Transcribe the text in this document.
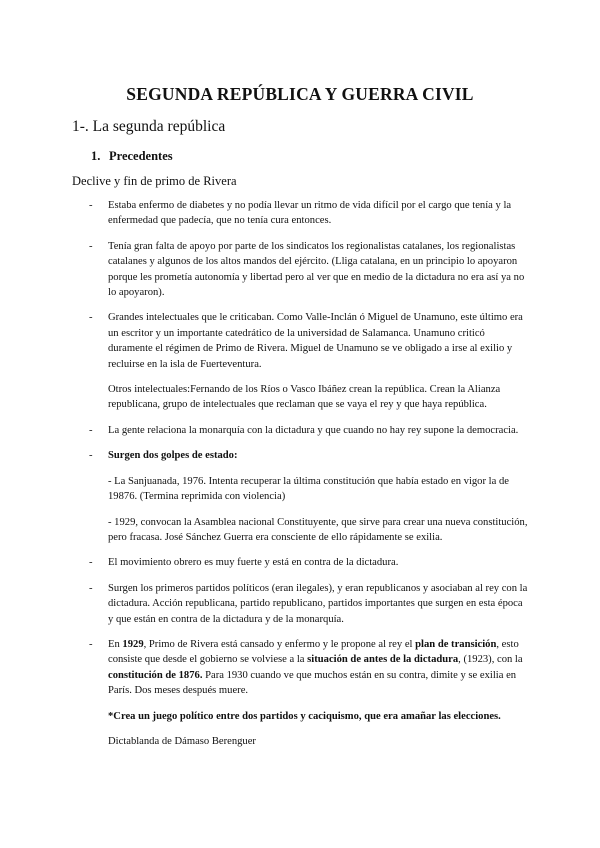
SEGUNDA REPÚBLICA Y GUERRA CIVIL
1-. La segunda república
1. Precedentes
Declive y fin de primo de Rivera
- Estaba enfermo de diabetes y no podía llevar un ritmo de vida difícil por el cargo que tenía y la enfermedad que padecía, que no tenía cura entonces.
- Tenía gran falta de apoyo por parte de los sindicatos los regionalistas catalanes, los regionalistas catalanes y algunos de los altos mandos del ejército. (Lliga catalana, en un principio lo apoyaron porque les prometía autonomía y libertad pero al ver que en medio de la dictadura no era así ya no lo apoyaron).
- Grandes intelectuales que le criticaban. Como Valle-Inclán ó Miguel de Unamuno, este último era un escritor y un importante catedrático de la universidad de Salamanca. Unamuno criticó duramente el régimen de Primo de Rivera. Miguel de Unamuno se ve obligado a irse al exilio y recluirse en la isla de Fuerteventura.
Otros intelectuales:Fernando de los Ríos o Vasco Ibáñez crean la república. Crean la Alianza republicana, grupo de intelectuales que reclaman que se vaya el rey y que haya república.
- La gente relaciona la monarquía con la dictadura y que cuando no hay rey supone la democracia.
- Surgen dos golpes de estado:
- La Sanjuanada, 1976. Intenta recuperar la última constitución que había estado en vigor la de 19876. (Termina reprimida con violencia)
- 1929, convocan la Asamblea nacional Constituyente, que sirve para crear una nueva constitución, pero fracasa. José Sánchez Guerra era consciente de ello rápidamente se exilia.
- El movimiento obrero es muy fuerte y está en contra de la dictadura.
- Surgen los primeros partidos políticos (eran ilegales), y eran republicanos y asociaban al rey con la dictadura. Acción republicana, partido republicano, partidos importantes que surgen en esta época y que están en contra de la dictadura y de la monarquía.
- En 1929, Primo de Rivera está cansado y enfermo y le propone al rey el plan de transición, esto consiste que desde el gobierno se volviese a la situación de antes de la dictadura, (1923), con la constitución de 1876. Para 1930 cuando ve que muchos están en su contra, dimite y se exilia en París. Dos meses después muere.
*Crea un juego político entre dos partidos y caciquismo, que era amañar las elecciones.
Dictablanda de Dámaso Berenguer
